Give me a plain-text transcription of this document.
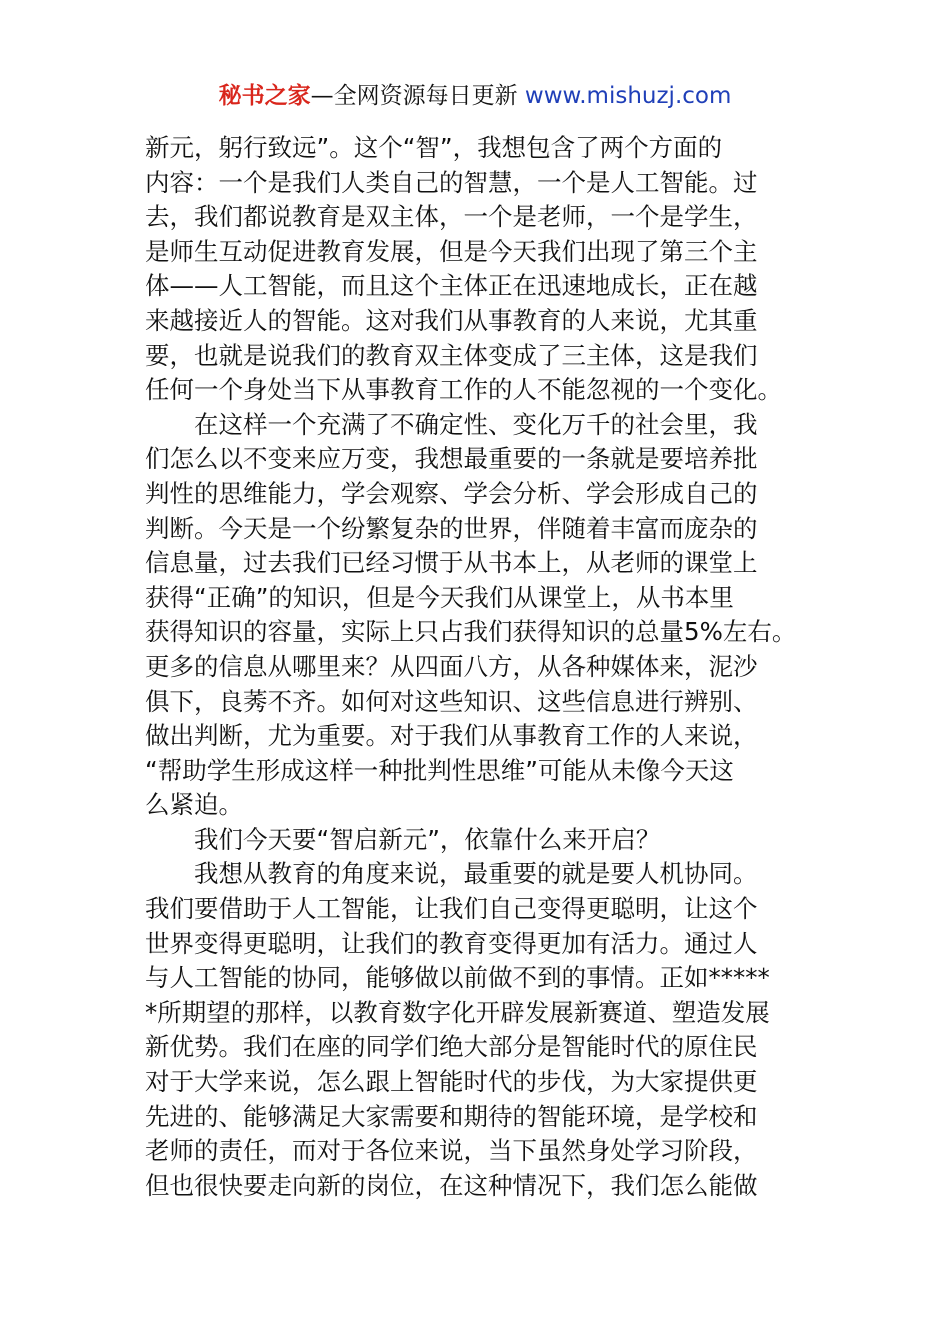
秘书之家—全网资源每日更新 www.mishuzj.com
新元，躬行致远”。这个“智”，我想包含了两个方面的
内容：一个是我们人类自己的智慧，一个是人工智能。过
去，我们都说教育是双主体，一个是老师，一个是学生，
是师生互动促进教育发展，但是今天我们出现了第三个主
体——人工智能，而且这个主体正在迅速地成长，正在越
来越接近人的智能。这对我们从事教育的人来说，尤其重
要，也就是说我们的教育双主体变成了三主体，这是我们
任何一个身处当下从事教育工作的人不能忽视的一个变化。
在这样一个充满了不确定性、变化万千的社会里，我
们怎么以不变来应万变，我想最重要的一条就是要培养批
判性的思维能力，学会观察、学会分析、学会形成自己的
判断。今天是一个纷繁复杂的世界，伴随着丰富而庞杂的
信息量，过去我们已经习惯于从书本上，从老师的课堂上
获得“正确”的知识，但是今天我们从课堂上，从书本里
获得知识的容量，实际上只占我们获得知识的总量5%左右。
更多的信息从哪里来？从四面八方，从各种媒体来，泥沙
俱下，良莠不齐。如何对这些知识、这些信息进行辨别、
做出判断，尤为重要。对于我们从事教育工作的人来说，
“帮助学生形成这样一种批判性思维”可能从未像今天这
么紧迫。
我们今天要“智启新元”，依靠什么来开启？
我想从教育的角度来说，最重要的就是要人机协同。
我们要借助于人工智能，让我们自己变得更聪明，让这个
世界变得更聪明，让我们的教育变得更加有活力。通过人
与人工智能的协同，能够做以前做不到的事情。正如*****
*所期望的那样，以教育数字化开辟发展新赛道、塑造发展
新优势。我们在座的同学们绝大部分是智能时代的原住民
对于大学来说，怎么跟上智能时代的步伐，为大家提供更
先进的、能够满足大家需要和期待的智能环境，是学校和
老师的责任，而对于各位来说，当下虽然身处学习阶段，
但也很快要走向新的岗位，在这种情况下，我们怎么能做
